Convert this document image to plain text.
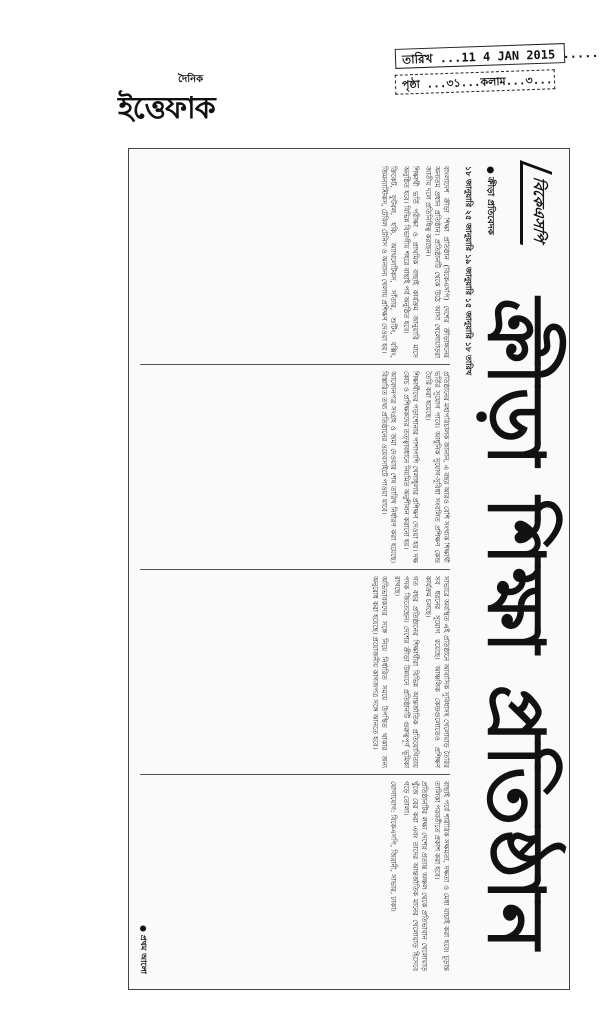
দৈনিক
ইত্তেফাক
তারিখ ...11 4 JAN 2015 .....
পৃষ্ঠা ...৩১...কলাম...৩...
বিকেএসপি
ক্রীড়া শিক্ষা প্রতিষ্ঠান
● ক্রীড়া প্রতিবেদক
১৮ জানুয়ারি ২৫ জানুয়ারি ১৯ জানুয়ারি ১৫ জানুয়ারি ১৮ তারিখ

বাংলাদেশ ক্রীড়া শিক্ষা প্রতিষ্ঠান (বিকেএসপি) দেশের ক্রীড়াঙ্গনের অন্যতম প্রধান প্রতিষ্ঠান। প্রতিষ্ঠানটি থেকে উঠে আসা খেলোয়াড়রা জাতীয় দলে প্রতিনিধিত্ব করছেন।

শিক্ষার্থী ভর্তি পরীক্ষা ও প্রাথমিক বাছাই কার্যক্রম জানুয়ারি মাসে অনুষ্ঠিত হবে। বিভিন্ন বিভাগীয় শহরে বাছাই পর্ব অনুষ্ঠিত হবে।

ক্রিকেট, ফুটবল, হকি, অ্যাথলেটিকস, সাঁতার, শুটিং, বক্সিং, জিমন্যাস্টিকস, টেবিল টেনিস ও অন্যান্য খেলায় প্রশিক্ষণ দেওয়া হয়।

প্রতিষ্ঠানের মহাপরিচালক জানান, এ বছর আরও বেশি সংখ্যক শিক্ষার্থী ভর্তির সুযোগ পাবে। আধুনিক সুযোগ-সুবিধা সংবলিত প্রশিক্ষণ কেন্দ্র তৈরি করা হয়েছে।

শিক্ষার্থীদের পড়াশোনার পাশাপাশি খেলাধুলার প্রশিক্ষণ দেওয়া হয়। দক্ষ কোচ ও প্রশিক্ষকদের তত্ত্বাবধানে নিয়মিত অনুশীলন করানো হয়।

আবেদনপত্র সংগ্রহ ও জমা দেওয়ার শেষ তারিখ নির্ধারণ করা হয়েছে। বিস্তারিত তথ্য প্রতিষ্ঠানের ওয়েবসাইটে পাওয়া যাবে।

সাভারে অবস্থিত এই প্রতিষ্ঠানে আবাসিক সুবিধাসহ খেলোয়াড় তৈরির সব ধরনের সুযোগ রয়েছে। আঞ্চলিক কেন্দ্রগুলোতেও প্রশিক্ষণ কার্যক্রম চলছে।

গত বছর প্রতিষ্ঠানের শিক্ষার্থীরা বিভিন্ন আন্তর্জাতিক প্রতিযোগিতায় পদক জিতেছেন। দেশের ক্রীড়া উন্নয়নে প্রতিষ্ঠানটি গুরুত্বপূর্ণ ভূমিকা রাখছে।

অভিভাবকদের সঙ্গে নিয়ে নির্ধারিত সময়ে উপস্থিত থাকার জন্য অনুরোধ করা হয়েছে। প্রয়োজনীয় কাগজপত্র সঙ্গে আনতে হবে।

বাছাই পর্বে শারীরিক সক্ষমতা, দক্ষতা ও মেধা যাচাই করা হবে। চূড়ান্ত তালিকা পরবর্তীতে প্রকাশ করা হবে।

প্রতিষ্ঠানটির লক্ষ্য দেশের প্রত্যন্ত অঞ্চল থেকে প্রতিভাবান খেলোয়াড় খুঁজে বের করা এবং তাদের আন্তর্জাতিক মানের খেলোয়াড় হিসেবে গড়ে তোলা।

যোগাযোগ: বিকেএসপি, জিরানী, সাভার, ঢাকা।

● প্রথম আলো
